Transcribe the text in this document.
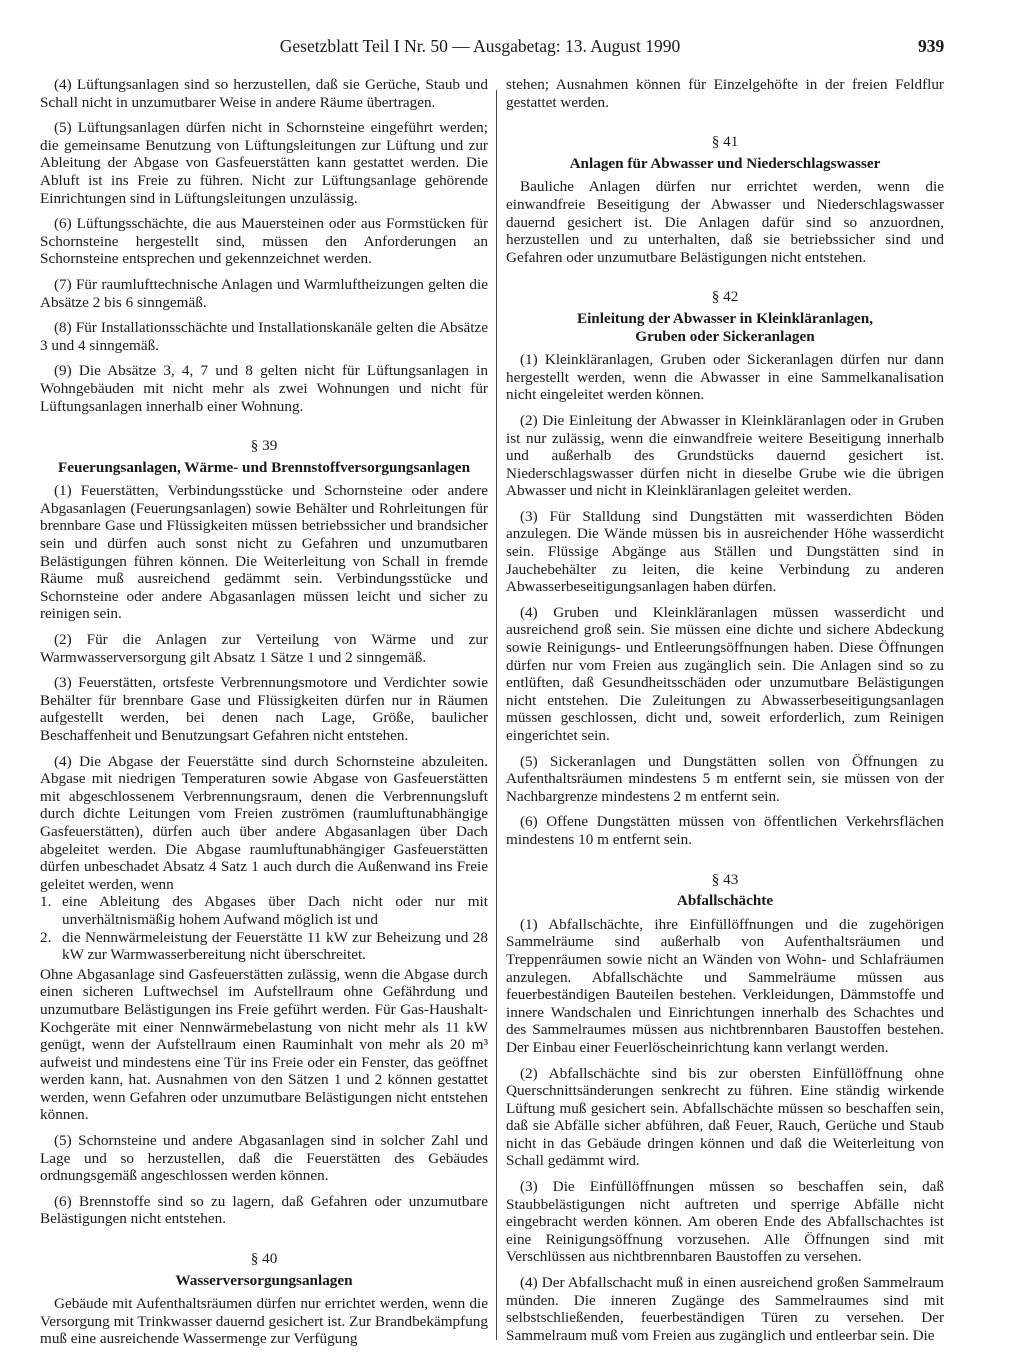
Gesetzblatt Teil I Nr. 50 — Ausgabetag: 13. August 1990	939

(4) Lüftungsanlagen sind so herzustellen, daß sie Gerüche, Staub und Schall nicht in unzumutbarer Weise in andere Räume übertragen.

(5) Lüftungsanlagen dürfen nicht in Schornsteine eingeführt werden; die gemeinsame Benutzung von Lüftungsleitungen zur Lüftung und zur Ableitung der Abgase von Gasfeuerstätten kann gestattet werden. Die Abluft ist ins Freie zu führen. Nicht zur Lüftungsanlage gehörende Einrichtungen sind in Lüftungsleitungen unzulässig.

(6) Lüftungsschächte, die aus Mauersteinen oder aus Formstücken für Schornsteine hergestellt sind, müssen den Anforderungen an Schornsteine entsprechen und gekennzeichnet werden.

(7) Für raumlufttechnische Anlagen und Warmluftheizungen gelten die Absätze 2 bis 6 sinngemäß.

(8) Für Installationsschächte und Installationskanäle gelten die Absätze 3 und 4 sinngemäß.

(9) Die Absätze 3, 4, 7 und 8 gelten nicht für Lüftungsanlagen in Wohngebäuden mit nicht mehr als zwei Wohnungen und nicht für Lüftungsanlagen innerhalb einer Wohnung.

§ 39
Feuerungsanlagen, Wärme- und Brennstoffversorgungsanlagen

(1) Feuerstätten, Verbindungsstücke und Schornsteine oder andere Abgasanlagen (Feuerungsanlagen) sowie Behälter und Rohrleitungen für brennbare Gase und Flüssigkeiten müssen betriebssicher und brandsicher sein und dürfen auch sonst nicht zu Gefahren und unzumutbaren Belästigungen führen können. Die Weiterleitung von Schall in fremde Räume muß ausreichend gedämmt sein. Verbindungsstücke und Schornsteine oder andere Abgasanlagen müssen leicht und sicher zu reinigen sein.

(2) Für die Anlagen zur Verteilung von Wärme und zur Warmwasserversorgung gilt Absatz 1 Sätze 1 und 2 sinngemäß.

(3) Feuerstätten, ortsfeste Verbrennungsmotore und Verdichter sowie Behälter für brennbare Gase und Flüssigkeiten dürfen nur in Räumen aufgestellt werden, bei denen nach Lage, Größe, baulicher Beschaffenheit und Benutzungsart Gefahren nicht entstehen.

(4) Die Abgase der Feuerstätte sind durch Schornsteine abzuleiten. Abgase mit niedrigen Temperaturen sowie Abgase von Gasfeuerstätten mit abgeschlossenem Verbrennungsraum, denen die Verbrennungsluft durch dichte Leitungen vom Freien zuströmen (raumluftunabhängige Gasfeuerstätten), dürfen auch über andere Abgasanlagen über Dach abgeleitet werden. Die Abgase raumluftunabhängiger Gasfeuerstätten dürfen unbeschadet Absatz 4 Satz 1 auch durch die Außenwand ins Freie geleitet werden, wenn

1. eine Ableitung des Abgases über Dach nicht oder nur mit unverhältnismäßig hohem Aufwand möglich ist und
2. die Nennwärmeleistung der Feuerstätte 11 kW zur Beheizung und 28 kW zur Warmwasserbereitung nicht überschreitet.

Ohne Abgasanlage sind Gasfeuerstätten zulässig, wenn die Abgase durch einen sicheren Luftwechsel im Aufstellraum ohne Gefährdung und unzumutbare Belästigungen ins Freie geführt werden. Für Gas-Haushalt-Kochgeräte mit einer Nennwärmebelastung von nicht mehr als 11 kW genügt, wenn der Aufstellraum einen Rauminhalt von mehr als 20 m³ aufweist und mindestens eine Tür ins Freie oder ein Fenster, das geöffnet werden kann, hat. Ausnahmen von den Sätzen 1 und 2 können gestattet werden, wenn Gefahren oder unzumutbare Belästigungen nicht entstehen können.

(5) Schornsteine und andere Abgasanlagen sind in solcher Zahl und Lage und so herzustellen, daß die Feuerstätten des Gebäudes ordnungsgemäß angeschlossen werden können.

(6) Brennstoffe sind so zu lagern, daß Gefahren oder unzumutbare Belästigungen nicht entstehen.

§ 40
Wasserversorgungsanlagen

Gebäude mit Aufenthaltsräumen dürfen nur errichtet werden, wenn die Versorgung mit Trinkwasser dauernd gesichert ist. Zur Brandbekämpfung muß eine ausreichende Wassermenge zur Verfügung

stehen; Ausnahmen können für Einzelgehöfte in der freien Feldflur gestattet werden.

§ 41
Anlagen für Abwasser und Niederschlagswasser

Bauliche Anlagen dürfen nur errichtet werden, wenn die einwandfreie Beseitigung der Abwasser und Niederschlagswasser dauernd gesichert ist. Die Anlagen dafür sind so anzuordnen, herzustellen und zu unterhalten, daß sie betriebssicher sind und Gefahren oder unzumutbare Belästigungen nicht entstehen.

§ 42
Einleitung der Abwasser in Kleinkläranlagen,
Gruben oder Sickeranlagen

(1) Kleinkläranlagen, Gruben oder Sickeranlagen dürfen nur dann hergestellt werden, wenn die Abwasser in eine Sammelkanalisation nicht eingeleitet werden können.

(2) Die Einleitung der Abwasser in Kleinkläranlagen oder in Gruben ist nur zulässig, wenn die einwandfreie weitere Beseitigung innerhalb und außerhalb des Grundstücks dauernd gesichert ist. Niederschlagswasser dürfen nicht in dieselbe Grube wie die übrigen Abwasser und nicht in Kleinkläranlagen geleitet werden.

(3) Für Stalldung sind Dungstätten mit wasserdichten Böden anzulegen. Die Wände müssen bis in ausreichender Höhe wasserdicht sein. Flüssige Abgänge aus Ställen und Dungstätten sind in Jauchebehälter zu leiten, die keine Verbindung zu anderen Abwasserbeseitigungsanlagen haben dürfen.

(4) Gruben und Kleinkläranlagen müssen wasserdicht und ausreichend groß sein. Sie müssen eine dichte und sichere Abdeckung sowie Reinigungs- und Entleerungsöffnungen haben. Diese Öffnungen dürfen nur vom Freien aus zugänglich sein. Die Anlagen sind so zu entlüften, daß Gesundheitsschäden oder unzumutbare Belästigungen nicht entstehen. Die Zuleitungen zu Abwasserbeseitigungsanlagen müssen geschlossen, dicht und, soweit erforderlich, zum Reinigen eingerichtet sein.

(5) Sickeranlagen und Dungstätten sollen von Öffnungen zu Aufenthaltsräumen mindestens 5 m entfernt sein, sie müssen von der Nachbargrenze mindestens 2 m entfernt sein.

(6) Offene Dungstätten müssen von öffentlichen Verkehrsflächen mindestens 10 m entfernt sein.

§ 43
Abfallschächte

(1) Abfallschächte, ihre Einfüllöffnungen und die zugehörigen Sammelräume sind außerhalb von Aufenthaltsräumen und Treppenräumen sowie nicht an Wänden von Wohn- und Schlafräumen anzulegen. Abfallschächte und Sammelräume müssen aus feuerbeständigen Bauteilen bestehen. Verkleidungen, Dämmstoffe und innere Wandschalen und Einrichtungen innerhalb des Schachtes und des Sammelraumes müssen aus nichtbrennbaren Baustoffen bestehen. Der Einbau einer Feuerlöscheinrichtung kann verlangt werden.

(2) Abfallschächte sind bis zur obersten Einfüllöffnung ohne Querschnittsänderungen senkrecht zu führen. Eine ständig wirkende Lüftung muß gesichert sein. Abfallschächte müssen so beschaffen sein, daß sie Abfälle sicher abführen, daß Feuer, Rauch, Gerüche und Staub nicht in das Gebäude dringen können und daß die Weiterleitung von Schall gedämmt wird.

(3) Die Einfüllöffnungen müssen so beschaffen sein, daß Staubbelästigungen nicht auftreten und sperrige Abfälle nicht eingebracht werden können. Am oberen Ende des Abfallschachtes ist eine Reinigungsöffnung vorzusehen. Alle Öffnungen sind mit Verschlüssen aus nichtbrennbaren Baustoffen zu versehen.

(4) Der Abfallschacht muß in einen ausreichend großen Sammelraum münden. Die inneren Zugänge des Sammelraumes sind mit selbstschließenden, feuerbeständigen Türen zu versehen. Der Sammelraum muß vom Freien aus zugänglich und entleerbar sein. Die
